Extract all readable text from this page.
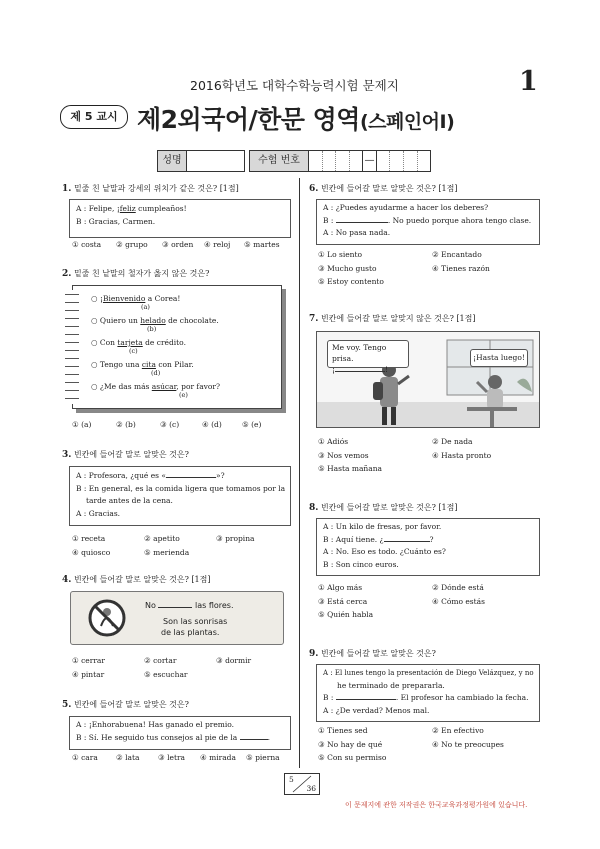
2016학년도 대학수학능력시험 문제지	1
제 5 교시 제2외국어/한문 영역(스페인어Ⅰ)
성명	수험 번호	—
1. 밑줄 친 낱말과 강세의 위치가 같은 것은? [1점]
A : Felipe, ¡feliz cumpleaños!
B : Gracias, Carmen.
① costa ② grupo ③ orden ④ reloj ⑤ martes
2. 밑줄 친 낱말의 철자가 옳지 않은 것은?
○ ¡Bienvenido a Corea!
(a)
○ Quiero un helado de chocolate.
(b)
○ Con tarjeta de crédito.
(c)
○ Tengo una cita con Pilar.
(d)
○ ¿Me das más asúcar, por favor?
(e)
① (a)	② (b)	③ (c)	④ (d)	⑤ (e)
3. 빈칸에 들어갈 말로 알맞은 것은?
A : Profesora, ¿qué es «	»?
B : En general, es la comida ligera que tomamos por la
tarde antes de la cena.
A : Gracias.
① receta	② apetito	③ propina
④ quiosco	⑤ merienda
4. 빈칸에 들어갈 말로 알맞은 것은? [1점]
No	las flores.
Son las sonrisas
de las plantas.
① cerrar	② cortar	③ dormir
④ pintar	⑤ escuchar
5. 빈칸에 들어갈 말로 알맞은 것은?
A : ¡Enhorabuena! Has ganado el premio.
B : Sí. He seguido tus consejos al pie de la	.
① cara ② lata ③ letra ④ mirada ⑤ pierna
6. 빈칸에 들어갈 말로 알맞은 것은? [1점]
A : ¿Puedes ayudarme a hacer los deberes?
B :	. No puedo porque ahora tengo clase.
A : No pasa nada.
① Lo siento	② Encantado
③ Mucho gusto	④ Tienes razón
⑤ Estoy contento
7. 빈칸에 들어갈 말로 알맞지 않은 것은? [1점]
Me voy. Tengo prisa.
¡	!
¡Hasta luego!
① Adiós	② De nada
③ Nos vemos	④ Hasta pronto
⑤ Hasta mañana
8. 빈칸에 들어갈 말로 알맞은 것은? [1점]
A : Un kilo de fresas, por favor.
B : Aquí tiene. ¿	?
A : No. Eso es todo. ¿Cuánto es?
B : Son cinco euros.
① Algo más	② Dónde está
③ Está cerca	④ Cómo estás
⑤ Quién habla
9. 빈칸에 들어갈 말로 알맞은 것은?
A : El lunes tengo la presentación de Diego Velázquez, y no
he terminado de prepararla.
B :	. El profesor ha cambiado la fecha.
A : ¿De verdad? Menos mal.
① Tienes sed	② En efectivo
③ No hay de qué	④ No te preocupes
⑤ Con su permiso
5
36
이 문제지에 관한 저작권은 한국교육과정평가원에 있습니다.
